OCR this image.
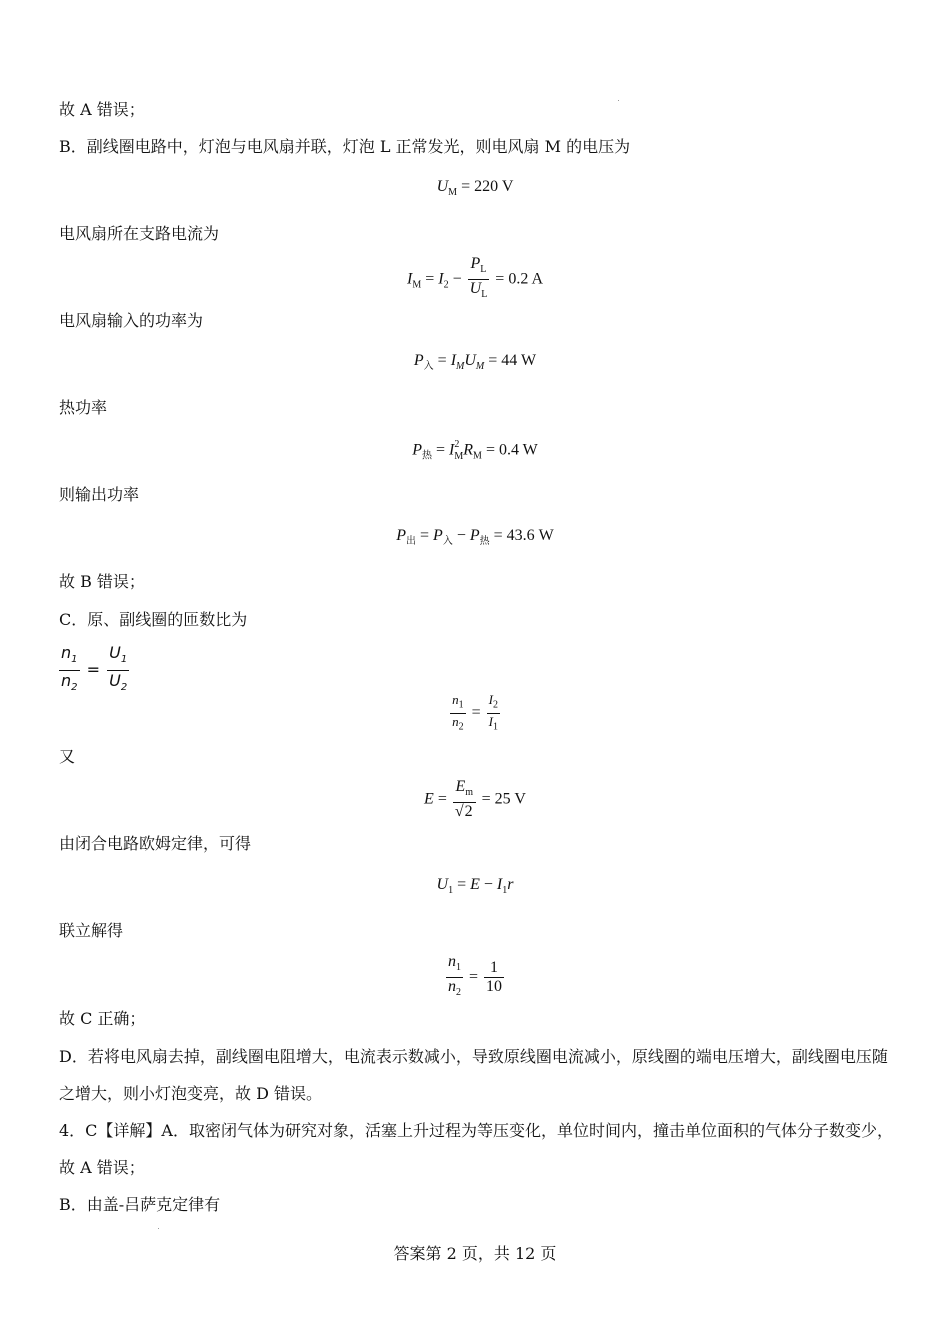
故 A 错误；
B．副线圈电路中，灯泡与电风扇并联，灯泡 L 正常发光，则电风扇 M 的电压为
$U_M = 220$ V
电风扇所在支路电流为
$I_M = I_2 - \frac{P_L}{U_L} = 0.2$ A
电风扇输入的功率为
$P_入 = I_MU_M = 44$ W
热功率
$P_热 = I^2_MR_M = 0.4$ W
则输出功率
$P_出 = P_入 - P_热 = 43.6$ W
故 B 错误；
C．原、副线圈的匝数比为
$\frac{n_1}{n_2} = \frac{U_1}{U_2}$
$\frac{n_1}{n_2} = \frac{I_2}{I_1}$
又
$E = \frac{E_m}{√2} = 25$ V
由闭合电路欧姆定律，可得
$U_1 = E - I_1r$
联立解得
$\frac{n_1}{n_2} = \frac{1}{10}$
故 C 正确；
D．若将电风扇去掉，副线圈电阻增大，电流表示数减小，导致原线圈电流减小，原线圈的端电压增大，副线圈电压随之增大，则小灯泡变亮，故 D 错误。
4．C【详解】A．取密闭气体为研究对象，活塞上升过程为等压变化，单位时间内，撞击单位面积的气体分子数变少，故 A 错误；
B．由盖-吕萨克定律有
答案第 2 页，共 12 页
